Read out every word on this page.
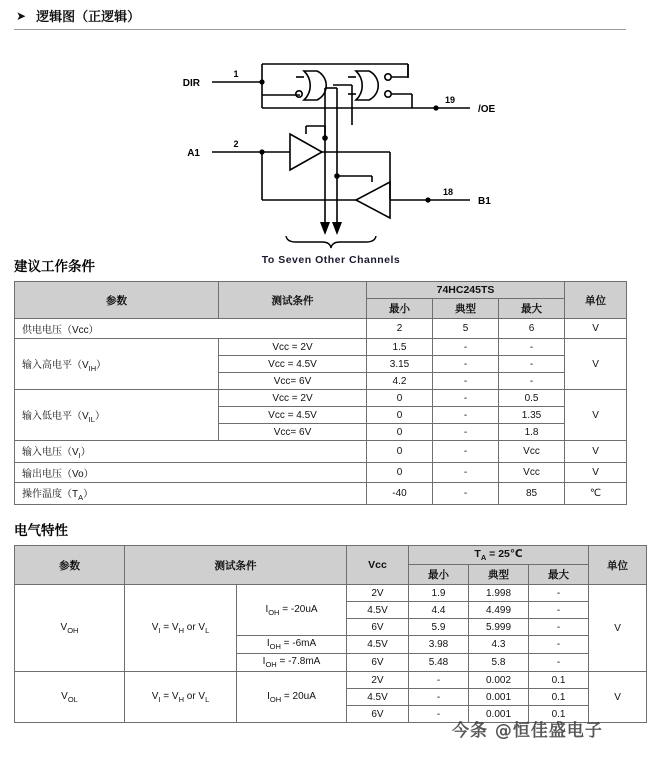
➤ 逻辑图（正逻辑）
DIR
1
19
/OE
A1
2
18
B1
To Seven Other Channels
建议工作条件
参数	测试条件	74HC245TS			单位
		最小	典型	最大	
供电电压（Vcc）		2	5	6	V
输入高电平$(V_{IH})$	Vcc = 2V	1.5	-	-	V
	Vcc = 4.5V	3.15	-	-	
	Vcc= 6V	4.2	-	-	
输入低电平$(V_{IL})$	Vcc = 2V	0	-	0.5	V
	Vcc = 4.5V	0	-	1.35	
	Vcc= 6V	0	-	1.8	
输入电压$(V_I)$		0	-	Vcc	V
输出电压（Vo）		0	-	Vcc	V
操作温度$(T_A)$		-40	-	85	℃
电气特性
参数	测试条件		Vcc	$T_A$ = 25℃			单位
				最小	典型	最大	
$V_{OH}$	$V_I = V_H$ or $V_L$	$I_{OH} = -20uA$	2V	1.9	1.998	-	V
			4.5V	4.4	4.499	-	
			6V	5.9	5.999	-	
		$I_{OH} = -6mA$	4.5V	3.98	4.3	-	
		$I_{OH} = -7.8mA$	6V	5.48	5.8	-	
$V_{OL}$	$V_I = V_H$ or $V_L$	$I_{OH} = 20uA$	2V	-	0.002	0.1	V
			4.5V	-	0.001	0.1	
			6V	-	0.001	0.1	
今条 @恒佳盛电子
